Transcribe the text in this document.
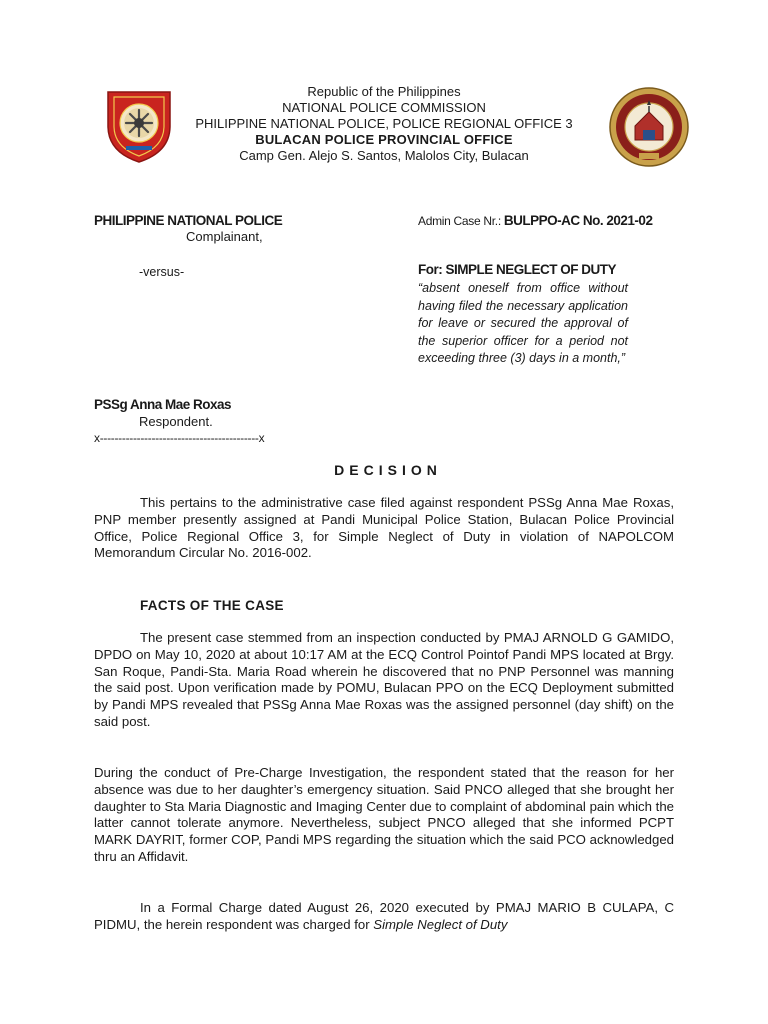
Republic of the Philippines
NATIONAL POLICE COMMISSION
PHILIPPINE NATIONAL POLICE, POLICE REGIONAL OFFICE 3
BULACAN POLICE PROVINCIAL OFFICE
Camp Gen. Alejo S. Santos, Malolos City, Bulacan
PHILIPPINE NATIONAL POLICE
Complainant,
-versus-
PSSg Anna Mae Roxas
Respondent.
x-------------------------------------------x
Admin Case Nr.: BULPPO-AC No. 2021-02
For: SIMPLE NEGLECT OF DUTY
“absent oneself from office without having filed the necessary application for leave or secured the approval of the superior officer for a period not exceeding three (3) days in a month,”
DECISION
This pertains to the administrative case filed against respondent PSSg Anna Mae Roxas, PNP member presently assigned at Pandi Municipal Police Station, Bulacan Police Provincial Office, Police Regional Office 3, for Simple Neglect of Duty in violation of NAPOLCOM Memorandum Circular No. 2016-002.
FACTS OF THE CASE
The present case stemmed from an inspection conducted by PMAJ ARNOLD G GAMIDO, DPDO on May 10, 2020 at about 10:17 AM at the ECQ Control Pointof Pandi MPS located at Brgy. San Roque, Pandi-Sta. Maria Road wherein he discovered that no PNP Personnel was manning the said post. Upon verification made by POMU, Bulacan PPO on the ECQ Deployment submitted by Pandi MPS revealed that PSSg Anna Mae Roxas was the assigned personnel (day shift) on the said post.
During the conduct of Pre-Charge Investigation, the respondent stated that the reason for her absence was due to her daughter’s emergency situation. Said PNCO alleged that she brought her daughter to Sta Maria Diagnostic and Imaging Center due to complaint of abdominal pain which the latter cannot tolerate anymore. Nevertheless, subject PNCO alleged that she informed PCPT MARK DAYRIT, former COP, Pandi MPS regarding the situation which the said PCO acknowledged thru an Affidavit.
In a Formal Charge dated August 26, 2020 executed by PMAJ MARIO B CULAPA, C PIDMU, the herein respondent was charged for Simple Neglect of Duty
